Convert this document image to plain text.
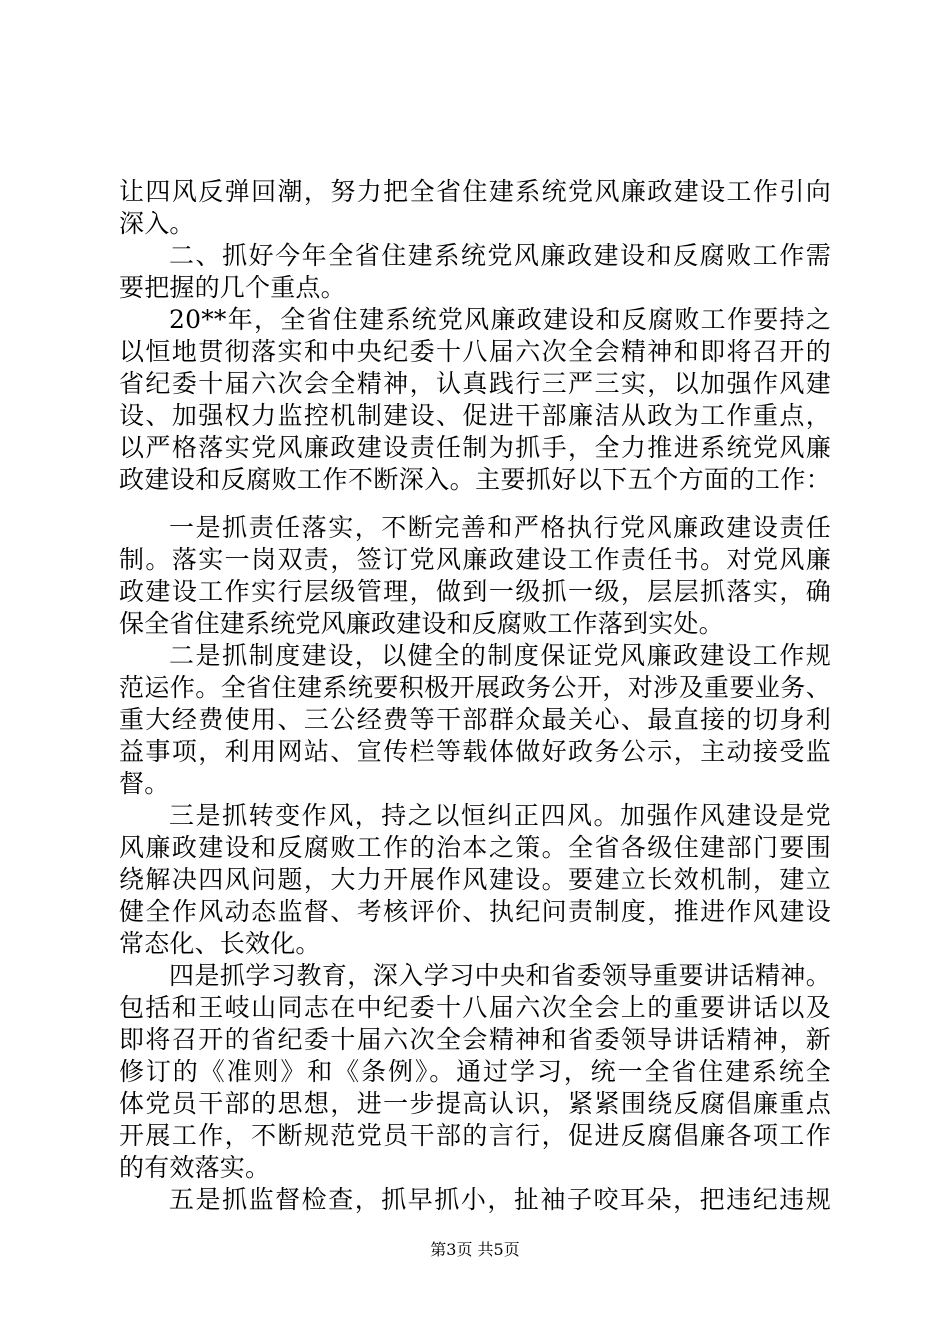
让四风反弹回潮，努力把全省住建系统党风廉政建设工作引向
深入。
二、抓好今年全省住建系统党风廉政建设和反腐败工作需
要把握的几个重点。
20**年，全省住建系统党风廉政建设和反腐败工作要持之
以恒地贯彻落实和中央纪委十八届六次全会精神和即将召开的
省纪委十届六次会全精神，认真践行三严三实，以加强作风建
设、加强权力监控机制建设、促进干部廉洁从政为工作重点，
以严格落实党风廉政建设责任制为抓手，全力推进系统党风廉
政建设和反腐败工作不断深入。主要抓好以下五个方面的工作：
一是抓责任落实，不断完善和严格执行党风廉政建设责任
制。落实一岗双责，签订党风廉政建设工作责任书。对党风廉
政建设工作实行层级管理，做到一级抓一级，层层抓落实，确
保全省住建系统党风廉政建设和反腐败工作落到实处。
二是抓制度建设，以健全的制度保证党风廉政建设工作规
范运作。全省住建系统要积极开展政务公开，对涉及重要业务、
重大经费使用、三公经费等干部群众最关心、最直接的切身利
益事项，利用网站、宣传栏等载体做好政务公示，主动接受监
督。
三是抓转变作风，持之以恒纠正四风。加强作风建设是党
风廉政建设和反腐败工作的治本之策。全省各级住建部门要围
绕解决四风问题，大力开展作风建设。要建立长效机制，建立
健全作风动态监督、考核评价、执纪问责制度，推进作风建设
常态化、长效化。
四是抓学习教育，深入学习中央和省委领导重要讲话精神。
包括和王岐山同志在中纪委十八届六次全会上的重要讲话以及
即将召开的省纪委十届六次全会精神和省委领导讲话精神，新
修订的《准则》和《条例》。通过学习，统一全省住建系统全
体党员干部的思想，进一步提高认识，紧紧围绕反腐倡廉重点
开展工作，不断规范党员干部的言行，促进反腐倡廉各项工作
的有效落实。
五是抓监督检查，抓早抓小，扯袖子咬耳朵，把违纪违规
第3页 共5页
